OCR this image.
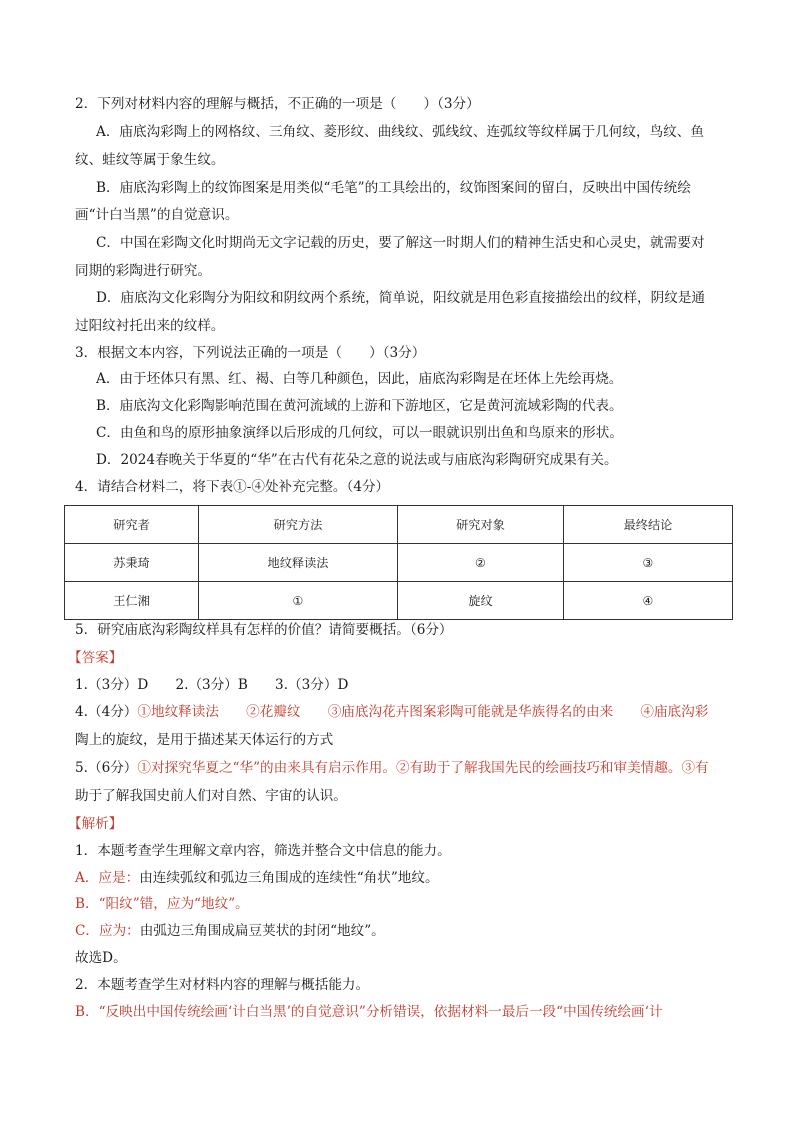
2．下列对材料内容的理解与概括，不正确的一项是（　　）（3分）
A．庙底沟彩陶上的网格纹、三角纹、菱形纹、曲线纹、弧线纹、连弧纹等纹样属于几何纹，鸟纹、鱼
纹、蛙纹等属于象生纹。
B．庙底沟彩陶上的纹饰图案是用类似“毛笔”的工具绘出的，纹饰图案间的留白，反映出中国传统绘
画“计白当黑”的自觉意识。
C．中国在彩陶文化时期尚无文字记载的历史，要了解这一时期人们的精神生活史和心灵史，就需要对
同期的彩陶进行研究。
D．庙底沟文化彩陶分为阳纹和阴纹两个系统，简单说，阳纹就是用色彩直接描绘出的纹样，阴纹是通
过阳纹衬托出来的纹样。
3．根据文本内容，下列说法正确的一项是（　　）（3分）
A．由于坯体只有黑、红、褐、白等几种颜色，因此，庙底沟彩陶是在坯体上先绘再烧。
B．庙底沟文化彩陶影响范围在黄河流域的上游和下游地区，它是黄河流域彩陶的代表。
C．由鱼和鸟的原形抽象演绎以后形成的几何纹，可以一眼就识别出鱼和鸟原来的形状。
D．2024春晚关于华夏的“华”在古代有花朵之意的说法或与庙底沟彩陶研究成果有关。
4．请结合材料二，将下表①-④处补充完整。（4分）
研究者	研究方法	研究对象	最终结论
苏秉琦	地纹释读法	②	③
王仁湘	①	旋纹	④
5．研究庙底沟彩陶纹样具有怎样的价值？请简要概括。（6分）
【答案】
1.（3分）D　　2.（3分）B　　3.（3分）D
4.（4分）①地纹释读法　　②花瓣纹　　③庙底沟花卉图案彩陶可能就是华族得名的由来　　④庙底沟彩
陶上的旋纹，是用于描述某天体运行的方式
5.（6分）①对探究华夏之“华”的由来具有启示作用。②有助于了解我国先民的绘画技巧和审美情趣。③有
助于了解我国史前人们对自然、宇宙的认识。
【解析】
1．本题考查学生理解文章内容，筛选并整合文中信息的能力。
A．应是：由连续弧纹和弧边三角围成的连续性“角状”地纹。
B．“阳纹”错，应为“地纹”。
C．应为：由弧边三角围成扁豆荚状的封闭“地纹”。
故选D。
2．本题考查学生对材料内容的理解与概括能力。
B．“反映出中国传统绘画‘计白当黑’的自觉意识”分析错误，依据材料一最后一段“中国传统绘画‘计
